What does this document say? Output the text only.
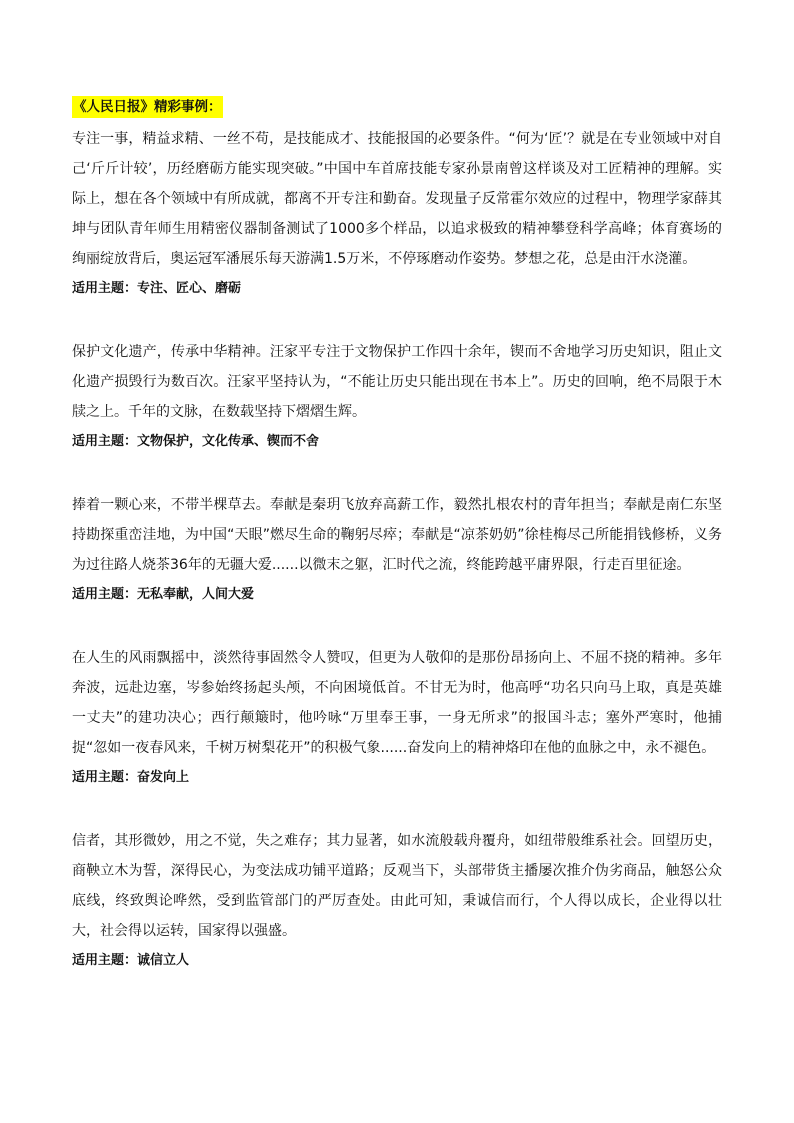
《人民日报》精彩事例：

专注一事，精益求精、一丝不苟，是技能成才、技能报国的必要条件。“何为‘匠’？就是在专业领域中对自己‘斤斤计较’，历经磨砺方能实现突破。”中国中车首席技能专家孙景南曾这样谈及对工匠精神的理解。实际上，想在各个领域中有所成就，都离不开专注和勤奋。发现量子反常霍尔效应的过程中，物理学家薛其坤与团队青年师生用精密仪器制备测试了1000多个样品，以追求极致的精神攀登科学高峰；体育赛场的绚丽绽放背后，奥运冠军潘展乐每天游满1.5万米，不停琢磨动作姿势。梦想之花，总是由汗水浇灌。

适用主题：专注、匠心、磨砺

保护文化遗产，传承中华精神。汪家平专注于文物保护工作四十余年，锲而不舍地学习历史知识，阻止文化遗产损毁行为数百次。汪家平坚持认为，“不能让历史只能出现在书本上”。历史的回响，绝不局限于木牍之上。千年的文脉，在数载坚持下熠熠生辉。

适用主题：文物保护，文化传承、锲而不舍

捧着一颗心来，不带半棵草去。奉献是秦玥飞放弃高薪工作，毅然扎根农村的青年担当；奉献是南仁东坚持勘探重峦洼地，为中国“天眼”燃尽生命的鞠躬尽瘁；奉献是“凉茶奶奶”徐桂梅尽己所能捐钱修桥，义务为过往路人烧茶36年的无疆大爱......以微末之躯，汇时代之流，终能跨越平庸界限，行走百里征途。

适用主题：无私奉献，人间大爱

在人生的风雨飘摇中，淡然待事固然令人赞叹，但更为人敬仰的是那份昂扬向上、不屈不挠的精神。多年奔波，远赴边塞，岑参始终扬起头颅，不向困境低首。不甘无为时，他高呼“功名只向马上取，真是英雄一丈夫”的建功决心；西行颠簸时，他吟咏“万里奉王事，一身无所求”的报国斗志；塞外严寒时，他捕捉“忽如一夜春风来，千树万树梨花开”的积极气象......奋发向上的精神烙印在他的血脉之中，永不褪色。

适用主题：奋发向上

信者，其形微妙，用之不觉，失之难存；其力显著，如水流般载舟覆舟，如纽带般维系社会。回望历史，商鞅立木为誓，深得民心，为变法成功铺平道路；反观当下，头部带货主播屡次推介伪劣商品，触怒公众底线，终致舆论哗然，受到监管部门的严厉查处。由此可知，秉诚信而行，个人得以成长，企业得以壮大，社会得以运转，国家得以强盛。

适用主题：诚信立人
